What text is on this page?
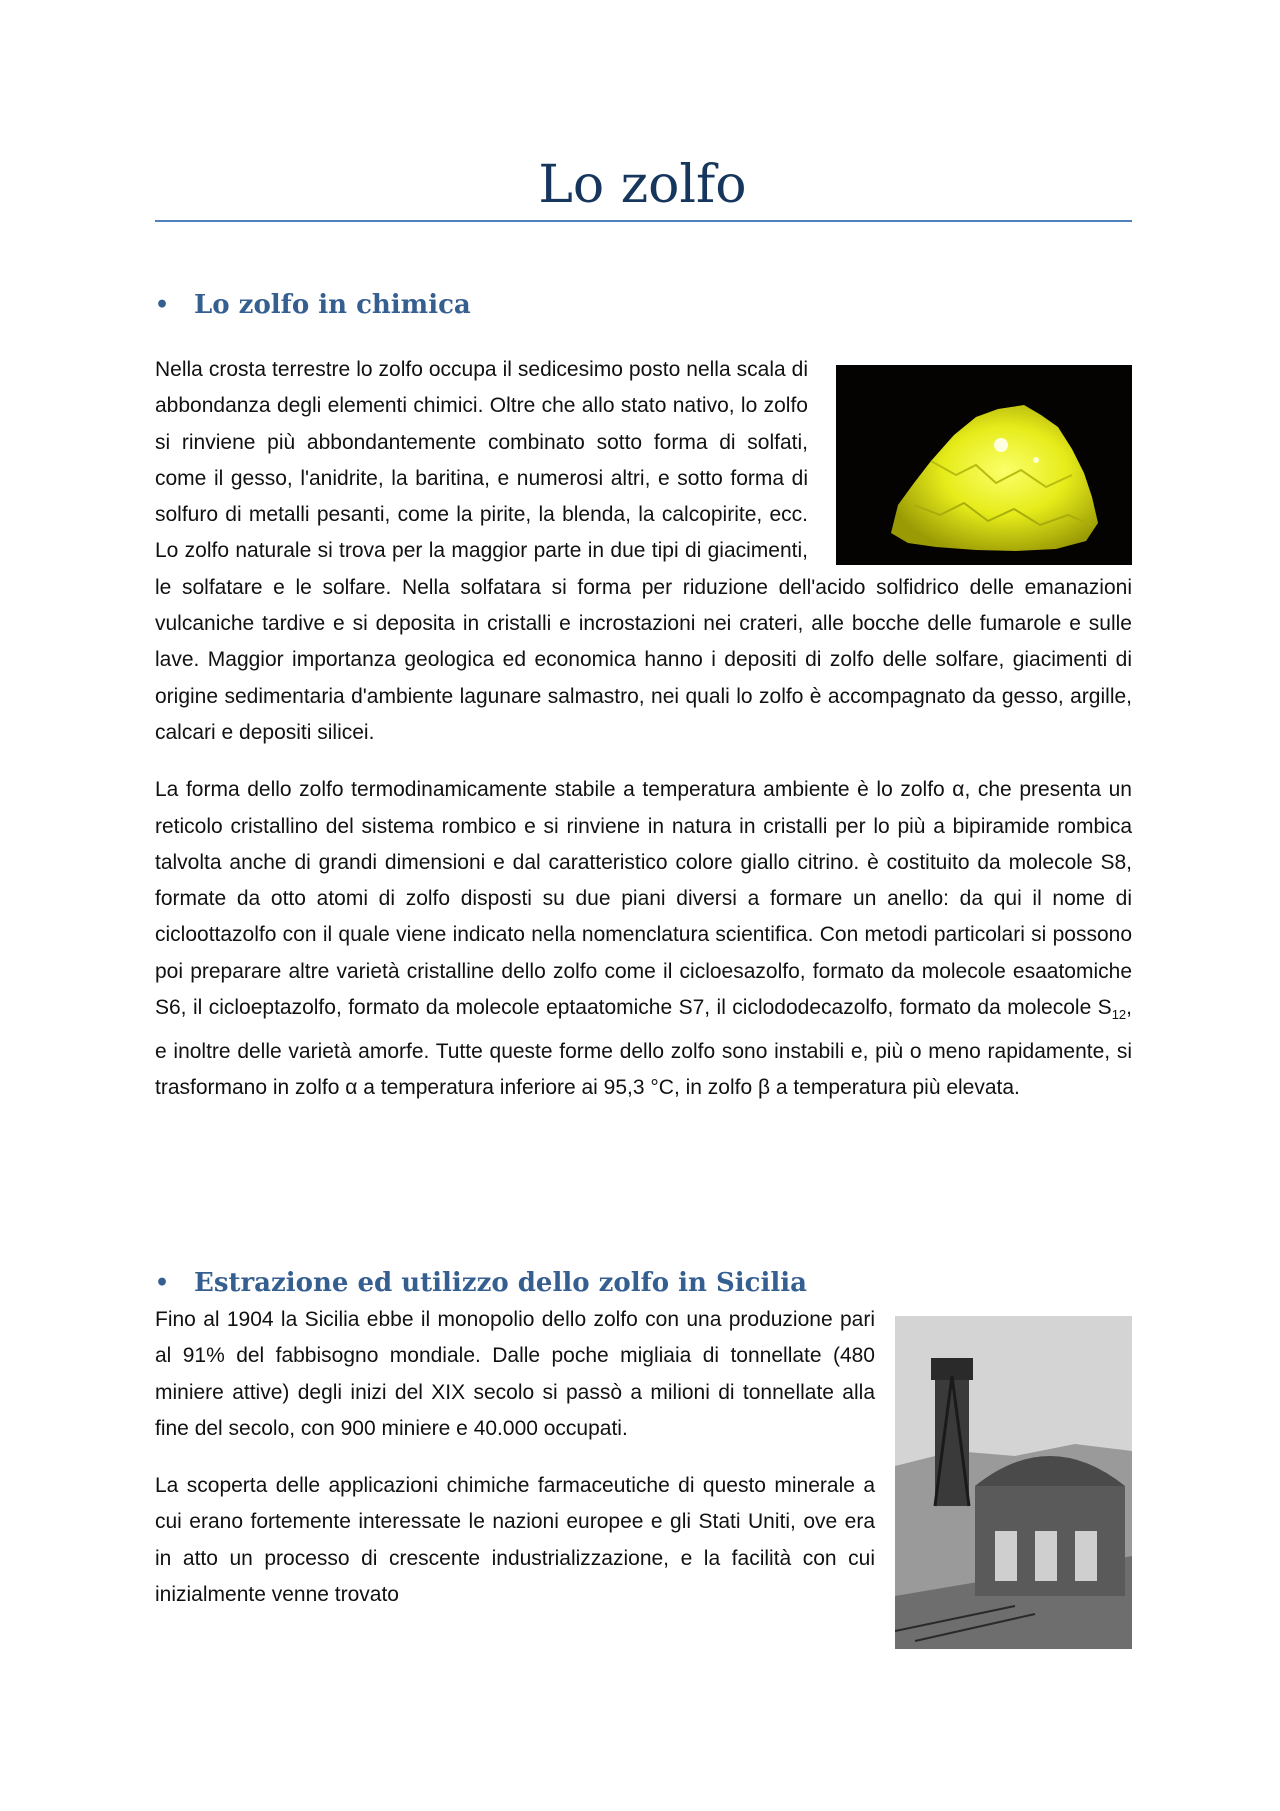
Lo zolfo
• Lo zolfo in chimica

Nella crosta terrestre lo zolfo occupa il sedicesimo posto nella scala di abbondanza degli elementi chimici. Oltre che allo stato nativo, lo zolfo si rinviene più abbondantemente combinato sotto forma di solfati, come il gesso, l'anidrite, la baritina, e numerosi altri, e sotto forma di solfuro di metalli pesanti, come la pirite, la blenda, la calcopirite, ecc. Lo zolfo naturale si trova per la maggior parte in due tipi di giacimenti, le solfatare e le solfare. Nella solfatara si forma per riduzione dell'acido solfidrico delle emanazioni vulcaniche tardive e si deposita in cristalli e incrostazioni nei crateri, alle bocche delle fumarole e sulle lave. Maggior importanza geologica ed economica hanno i depositi di zolfo delle solfare, giacimenti di origine sedimentaria d'ambiente lagunare salmastro, nei quali lo zolfo è accompagnato da gesso, argille, calcari e depositi silicei.

La forma dello zolfo termodinamicamente stabile a temperatura ambiente è lo zolfo α, che presenta un reticolo cristallino del sistema rombico e si rinviene in natura in cristalli per lo più a bipiramide rombica talvolta anche di grandi dimensioni e dal caratteristico colore giallo citrino. è costituito da molecole S8, formate da otto atomi di zolfo disposti su due piani diversi a formare un anello: da qui il nome di cicloottazolfo con il quale viene indicato nella nomenclatura scientifica. Con metodi particolari si possono poi preparare altre varietà cristalline dello zolfo come il cicloesazolfo, formato da molecole esaatomiche S6, il cicloeptazolfo, formato da molecole eptaatomiche S7, il ciclododecazolfo, formato da molecole $S_{12}$, e inoltre delle varietà amorfe. Tutte queste forme dello zolfo sono instabili e, più o meno rapidamente, si trasformano in zolfo α a temperatura inferiore ai 95,3 °C, in zolfo β a temperatura più elevata.

• Estrazione ed utilizzo dello zolfo in Sicilia

Fino al 1904 la Sicilia ebbe il monopolio dello zolfo con una produzione pari al 91% del fabbisogno mondiale. Dalle poche migliaia di tonnellate (480 miniere attive) degli inizi del XIX secolo si passò a milioni di tonnellate alla fine del secolo, con 900 miniere e 40.000 occupati.

La scoperta delle applicazioni chimiche farmaceutiche di questo minerale a cui erano fortemente interessate le nazioni europee e gli Stati Uniti, ove era in atto un processo di crescente industrializzazione, e la facilità con cui inizialmente venne trovato
